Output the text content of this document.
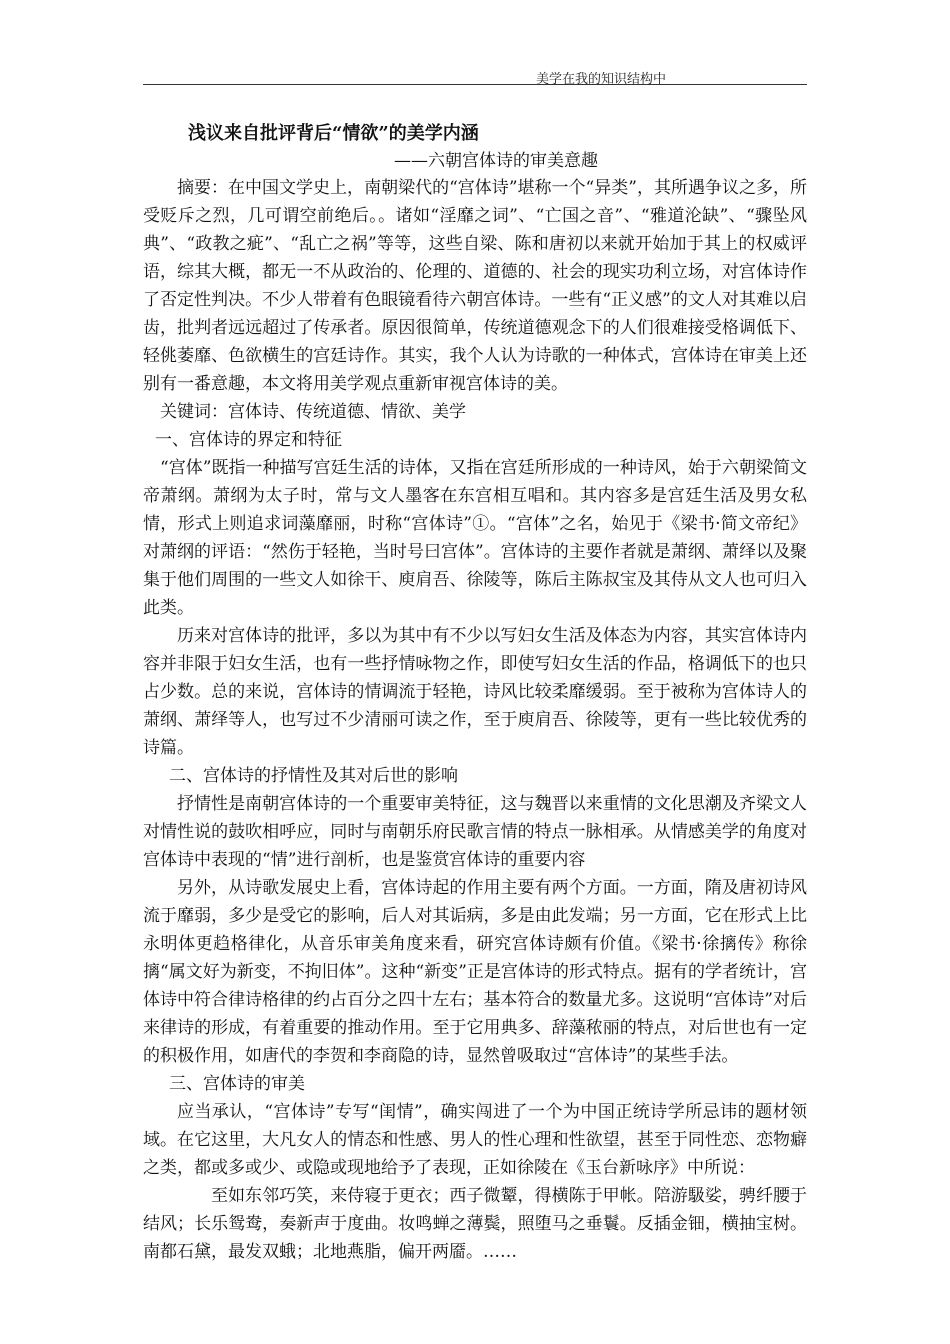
美学在我的知识结构中

浅议来自批评背后“情欲”的美学内涵

——六朝宫体诗的审美意趣

摘要：在中国文学史上，南朝梁代的“宫体诗”堪称一个“异类”，其所遇争议之多，所受贬斥之烈，几可谓空前绝后。。诸如“淫靡之词”、“亡国之音”、“雅道沦缺”、“骤坠风典”、“政教之疵”、“乱亡之祸”等等，这些自梁、陈和唐初以来就开始加于其上的权威评语，综其大概，都无一不从政治的、伦理的、道德的、社会的现实功利立场，对宫体诗作了否定性判决。不少人带着有色眼镜看待六朝宫体诗。一些有“正义感”的文人对其难以启齿，批判者远远超过了传承者。原因很简单，传统道德观念下的人们很难接受格调低下、轻佻萎靡、色欲横生的宫廷诗作。其实，我个人认为诗歌的一种体式，宫体诗在审美上还别有一番意趣，本文将用美学观点重新审视宫体诗的美。

关键词：宫体诗、传统道德、情欲、美学

一、宫体诗的界定和特征

“宫体”既指一种描写宫廷生活的诗体，又指在宫廷所形成的一种诗风，始于六朝梁简文帝萧纲。萧纲为太子时，常与文人墨客在东宫相互唱和。其内容多是宫廷生活及男女私情，形式上则追求词藻靡丽，时称“宫体诗”①。“宫体”之名，始见于《梁书·简文帝纪》对萧纲的评语：“然伤于轻艳，当时号曰宫体”。宫体诗的主要作者就是萧纲、萧绎以及聚集于他们周围的一些文人如徐干、庾肩吾、徐陵等，陈后主陈叔宝及其侍从文人也可归入此类。

历来对宫体诗的批评，多以为其中有不少以写妇女生活及体态为内容，其实宫体诗内容并非限于妇女生活，也有一些抒情咏物之作，即使写妇女生活的作品，格调低下的也只占少数。总的来说，宫体诗的情调流于轻艳，诗风比较柔靡缓弱。至于被称为宫体诗人的萧纲、萧绎等人，也写过不少清丽可读之作，至于庾肩吾、徐陵等，更有一些比较优秀的诗篇。

二、宫体诗的抒情性及其对后世的影响

抒情性是南朝宫体诗的一个重要审美特征，这与魏晋以来重情的文化思潮及齐梁文人对情性说的鼓吹相呼应，同时与南朝乐府民歌言情的特点一脉相承。从情感美学的角度对宫体诗中表现的“情”进行剖析，也是鉴赏宫体诗的重要内容

另外，从诗歌发展史上看，宫体诗起的作用主要有两个方面。一方面，隋及唐初诗风流于靡弱，多少是受它的影响，后人对其诟病，多是由此发端；另一方面，它在形式上比永明体更趋格律化，从音乐审美角度来看，研究宫体诗颇有价值。《梁书·徐摛传》称徐摛“属文好为新变，不拘旧体”。这种“新变”正是宫体诗的形式特点。据有的学者统计，宫体诗中符合律诗格律的约占百分之四十左右；基本符合的数量尤多。这说明“宫体诗”对后来律诗的形成，有着重要的推动作用。至于它用典多、辞藻秾丽的特点，对后世也有一定的积极作用，如唐代的李贺和李商隐的诗，显然曾吸取过“宫体诗”的某些手法。

三、宫体诗的审美

应当承认，“宫体诗”专写“闺情”，确实闯进了一个为中国正统诗学所忌讳的题材领域。在它这里，大凡女人的情态和性感、男人的性心理和性欲望，甚至于同性恋、恋物癖之类，都或多或少、或隐或现地给予了表现，正如徐陵在《玉台新咏序》中所说：

至如东邻巧笑，来侍寝于更衣；西子微颦，得横陈于甲帐。陪游馺娑，骋纤腰于结风；长乐鸳鸯，奏新声于度曲。妆鸣蝉之薄鬓，照堕马之垂鬟。反插金钿，横抽宝树。南都石黛，最发双蛾；北地燕脂，偏开两靥。……
